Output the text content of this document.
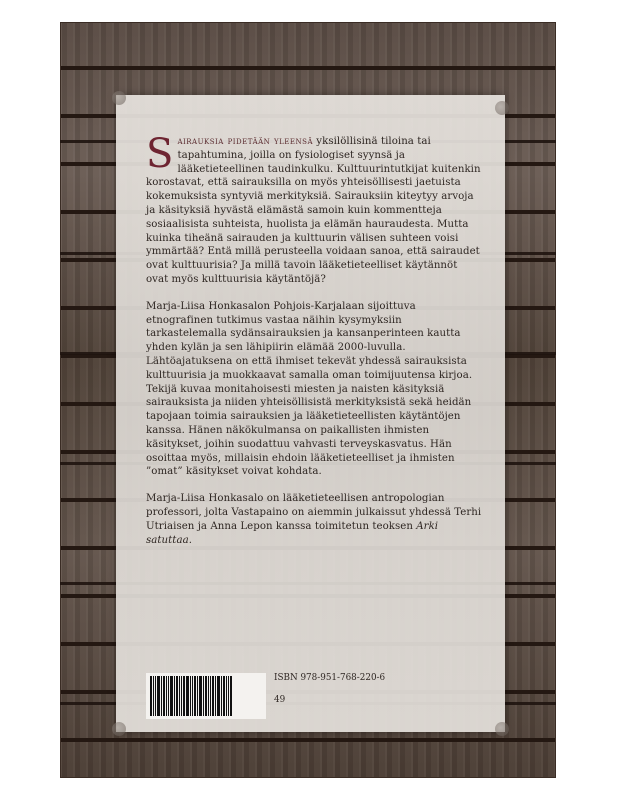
Sairauksia pidetään yleensä yksilöllisinä tiloina tai tapahtumina, joilla on fysiologiset syynsä ja lääketieteellinen taudinkulku. Kulttuurintutkijat kuitenkin korostavat, että sairauksilla on myös yhteisöllisesti jaetuista kokemuksista syntyviä merkityksiä. Sairauksiin kiteytyy arvoja ja käsityksiä hyvästä elämästä samoin kuin kommentteja sosiaalisista suhteista, huolista ja elämän hauraudesta. Mutta kuinka tiheänä sairauden ja kulttuurin välisen suhteen voisi ymmärtää? Entä millä perusteella voidaan sanoa, että sairaudet ovat kulttuurisia? Ja millä tavoin lääketieteelliset käytännöt ovat myös kulttuurisia käytäntöjä?

Marja-Liisa Honkasalon Pohjois-Karjalaan sijoittuva etnografinen tutkimus vastaa näihin kysymyksiin tarkastelemalla sydänsairauksien ja kansanperinteen kautta yhden kylän ja sen lähipiirin elämää 2000-luvulla. Lähtöajatuksena on että ihmiset tekevät yhdessä sairauksista kulttuurisia ja muokkaavat samalla oman toimijuutensa kirjoa. Tekijä kuvaa monitahoisesti miesten ja naisten käsityksiä sairauksista ja niiden yhteisöllisistä merkityksistä sekä heidän tapojaan toimia sairauksien ja lääketieteellisten käytäntöjen kanssa. Hänen näkökulmansa on paikallisten ihmisten käsitykset, joihin suodattuu vahvasti terveyskasvatus. Hän osoittaa myös, millaisin ehdoin lääketieteelliset ja ihmisten ”omat” käsitykset voivat kohdata.

Marja-Liisa Honkasalo on lääketieteellisen antropologian professori, jolta Vastapaino on aiemmin julkaissut yhdessä Terhi Utriaisen ja Anna Lepon kanssa toimitetun teoksen Arki satuttaa.

ISBN 978-951-768-220-6
49
